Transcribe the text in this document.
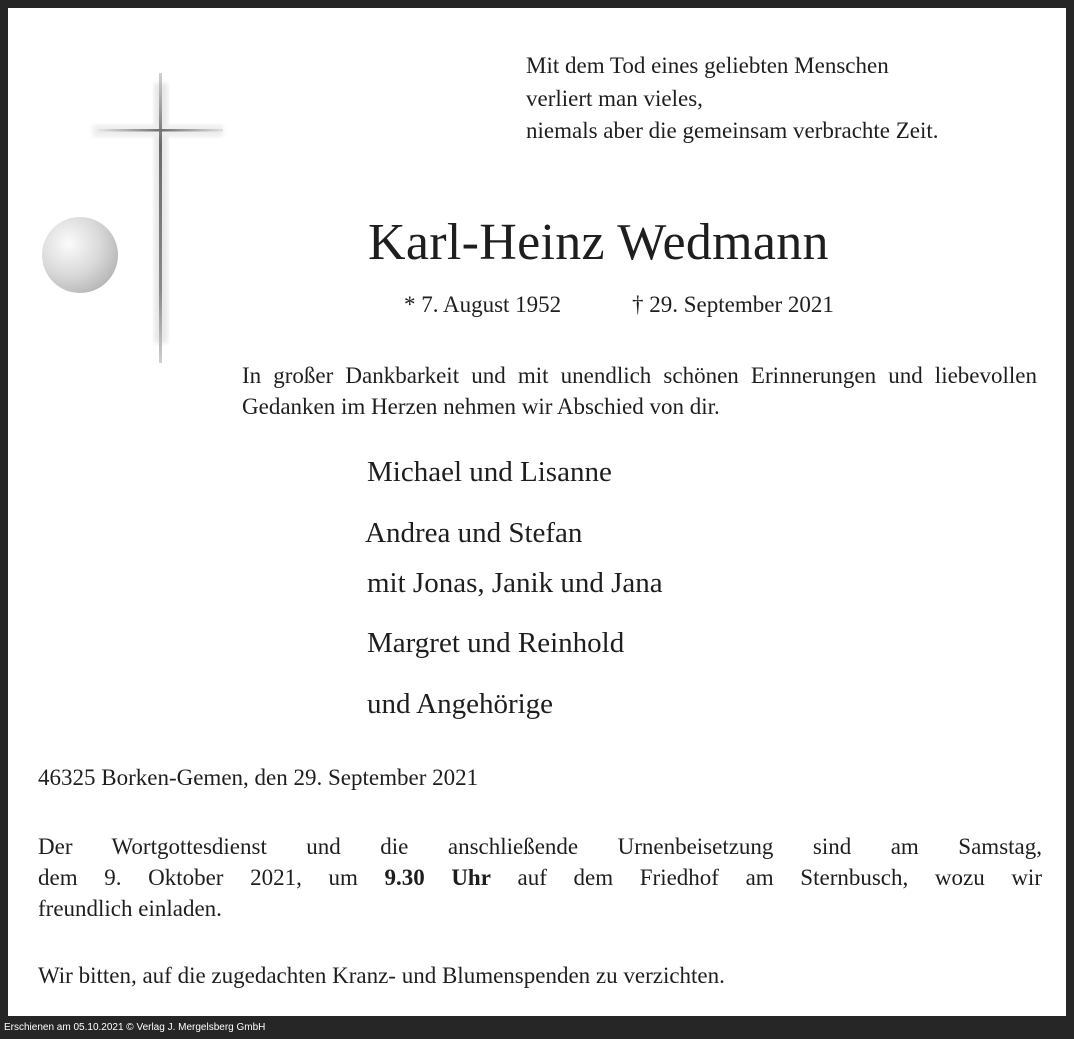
Mit dem Tod eines geliebten Menschen
verliert man vieles,
niemals aber die gemeinsam verbrachte Zeit.

Karl-Heinz Wedmann
* 7. August 1952	† 29. September 2021

In großer Dankbarkeit und mit unendlich schönen Erinnerungen und liebevollen Gedanken im Herzen nehmen wir Abschied von dir.

Michael und Lisanne
Andrea und Stefan
mit Jonas, Janik und Jana
Margret und Reinhold
und Angehörige
46325 Borken-Gemen, den 29. September 2021

Der Wortgottesdienst und die anschließende Urnenbeisetzung sind am Samstag,
dem 9. Oktober 2021, um 9.30 Uhr auf dem Friedhof am Sternbusch, wozu wir
freundlich einladen.

Wir bitten, auf die zugedachten Kranz- und Blumenspenden zu verzichten.
Erschienen am 05.10.2021 © Verlag J. Mergelsberg GmbH
